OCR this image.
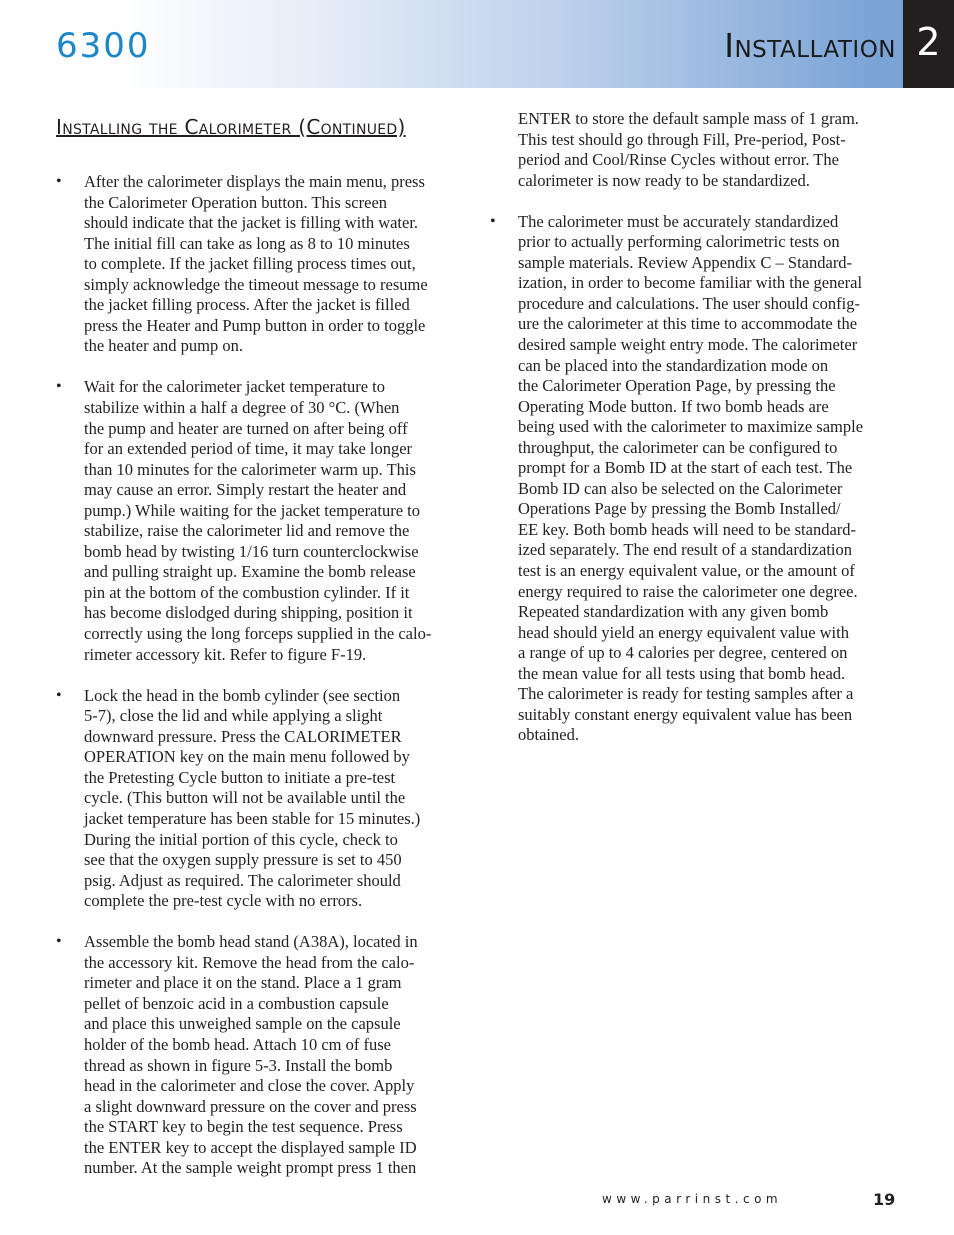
6300	Installation 2
Installing the Calorimeter (Continued)
• After the calorimeter displays the main menu, press
the Calorimeter Operation button. This screen
should indicate that the jacket is filling with water.
The initial fill can take as long as 8 to 10 minutes
to complete. If the jacket filling process times out,
simply acknowledge the timeout message to resume
the jacket filling process. After the jacket is filled
press the Heater and Pump button in order to toggle
the heater and pump on.
• Wait for the calorimeter jacket temperature to
stabilize within a half a degree of 30 °C. (When
the pump and heater are turned on after being off
for an extended period of time, it may take longer
than 10 minutes for the calorimeter warm up. This
may cause an error. Simply restart the heater and
pump.) While waiting for the jacket temperature to
stabilize, raise the calorimeter lid and remove the
bomb head by twisting 1/16 turn counterclockwise
and pulling straight up. Examine the bomb release
pin at the bottom of the combustion cylinder. If it
has become dislodged during shipping, position it
correctly using the long forceps supplied in the calo-
rimeter accessory kit. Refer to figure F-19.
• Lock the head in the bomb cylinder (see section
5-7), close the lid and while applying a slight
downward pressure. Press the CALORIMETER
OPERATION key on the main menu followed by
the Pretesting Cycle button to initiate a pre-test
cycle. (This button will not be available until the
jacket temperature has been stable for 15 minutes.)
During the initial portion of this cycle, check to
see that the oxygen supply pressure is set to 450
psig. Adjust as required. The calorimeter should
complete the pre-test cycle with no errors.
• Assemble the bomb head stand (A38A), located in
the accessory kit. Remove the head from the calo-
rimeter and place it on the stand. Place a 1 gram
pellet of benzoic acid in a combustion capsule
and place this unweighed sample on the capsule
holder of the bomb head. Attach 10 cm of fuse
thread as shown in figure 5-3. Install the bomb
head in the calorimeter and close the cover. Apply
a slight downward pressure on the cover and press
the START key to begin the test sequence. Press
the ENTER key to accept the displayed sample ID
number. At the sample weight prompt press 1 then
ENTER to store the default sample mass of 1 gram.
This test should go through Fill, Pre-period, Post-
period and Cool/Rinse Cycles without error. The
calorimeter is now ready to be standardized.
• The calorimeter must be accurately standardized
prior to actually performing calorimetric tests on
sample materials. Review Appendix C – Standard-
ization, in order to become familiar with the general
procedure and calculations. The user should config-
ure the calorimeter at this time to accommodate the
desired sample weight entry mode. The calorimeter
can be placed into the standardization mode on
the Calorimeter Operation Page, by pressing the
Operating Mode button. If two bomb heads are
being used with the calorimeter to maximize sample
throughput, the calorimeter can be configured to
prompt for a Bomb ID at the start of each test. The
Bomb ID can also be selected on the Calorimeter
Operations Page by pressing the Bomb Installed/
EE key. Both bomb heads will need to be standard-
ized separately. The end result of a standardization
test is an energy equivalent value, or the amount of
energy required to raise the calorimeter one degree.
Repeated standardization with any given bomb
head should yield an energy equivalent value with
a range of up to 4 calories per degree, centered on
the mean value for all tests using that bomb head.
The calorimeter is ready for testing samples after a
suitably constant energy equivalent value has been
obtained.
www.parrinst.com	19
